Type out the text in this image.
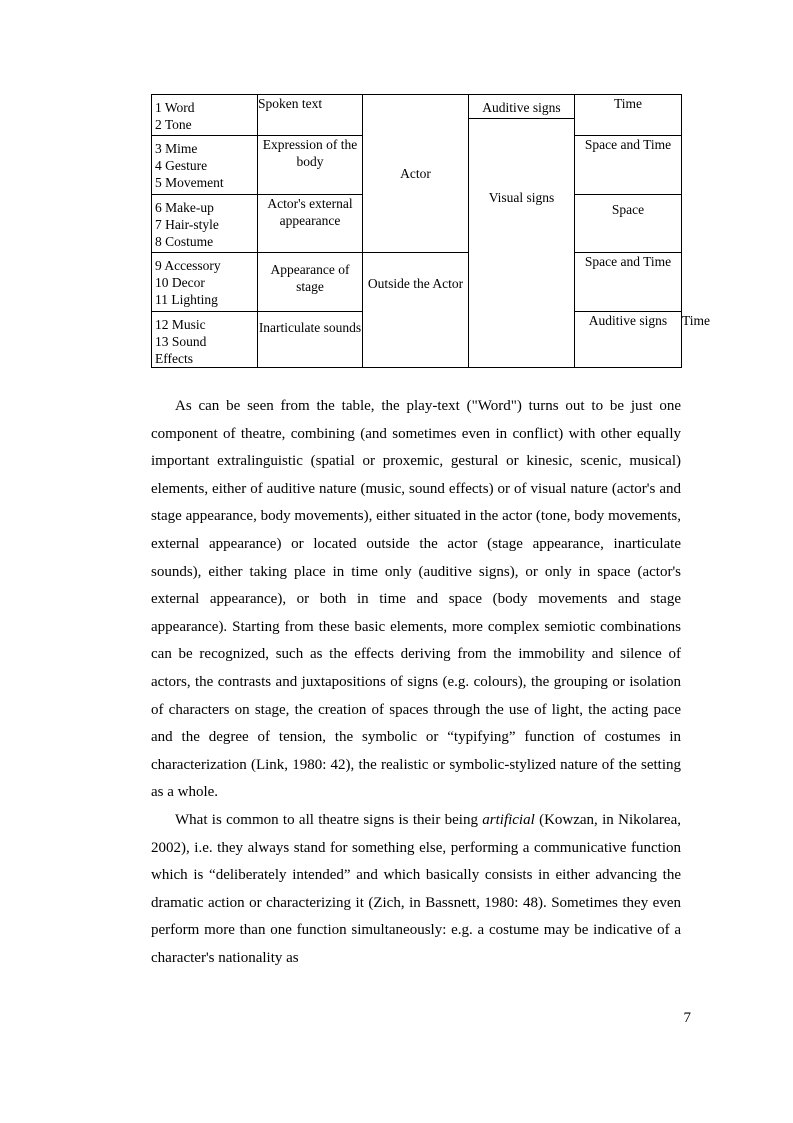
1 Word
2 Tone	Spoken text	Actor	Auditive signs	Time	
			Visual signs		

3 Mime
4 Gesture
5 Movement	Expression of the body			Space and Time	

6 Make-up
7 Hair-style
8 Costume	Actor's external appearance			Space	

9 Accessory
10 Decor
11 Lighting	Appearance of stage	Outside the Actor		Space and Time	

12 Music
13 Sound
Effects	Inarticulate sounds			Auditive signs	Time

As can be seen from the table, the play-text ("Word") turns out to be just one component of theatre, combining (and sometimes even in conflict) with other equally important extralinguistic (spatial or proxemic, gestural or kinesic, scenic, musical) elements, either of auditive nature (music, sound effects) or of visual nature (actor's and stage appearance, body movements), either situated in the actor (tone, body movements, external appearance) or located outside the actor (stage appearance, inarticulate sounds), either taking place in time only (auditive signs), or only in space (actor's external appearance), or both in time and space (body movements and stage appearance). Starting from these basic elements, more complex semiotic combinations can be recognized, such as the effects deriving from the immobility and silence of actors, the contrasts and juxtapositions of signs (e.g. colours), the grouping or isolation of characters on stage, the creation of spaces through the use of light, the acting pace and the degree of tension, the symbolic or “typifying” function of costumes in characterization (Link, 1980: 42), the realistic or symbolic-stylized nature of the setting as a whole.

What is common to all theatre signs is their being artificial (Kowzan, in Nikolarea, 2002), i.e. they always stand for something else, performing a communicative function which is “deliberately intended” and which basically consists in either advancing the dramatic action or characterizing it (Zich, in Bassnett, 1980: 48). Sometimes they even perform more than one function simultaneously: e.g. a costume may be indicative of a character's nationality as

7
